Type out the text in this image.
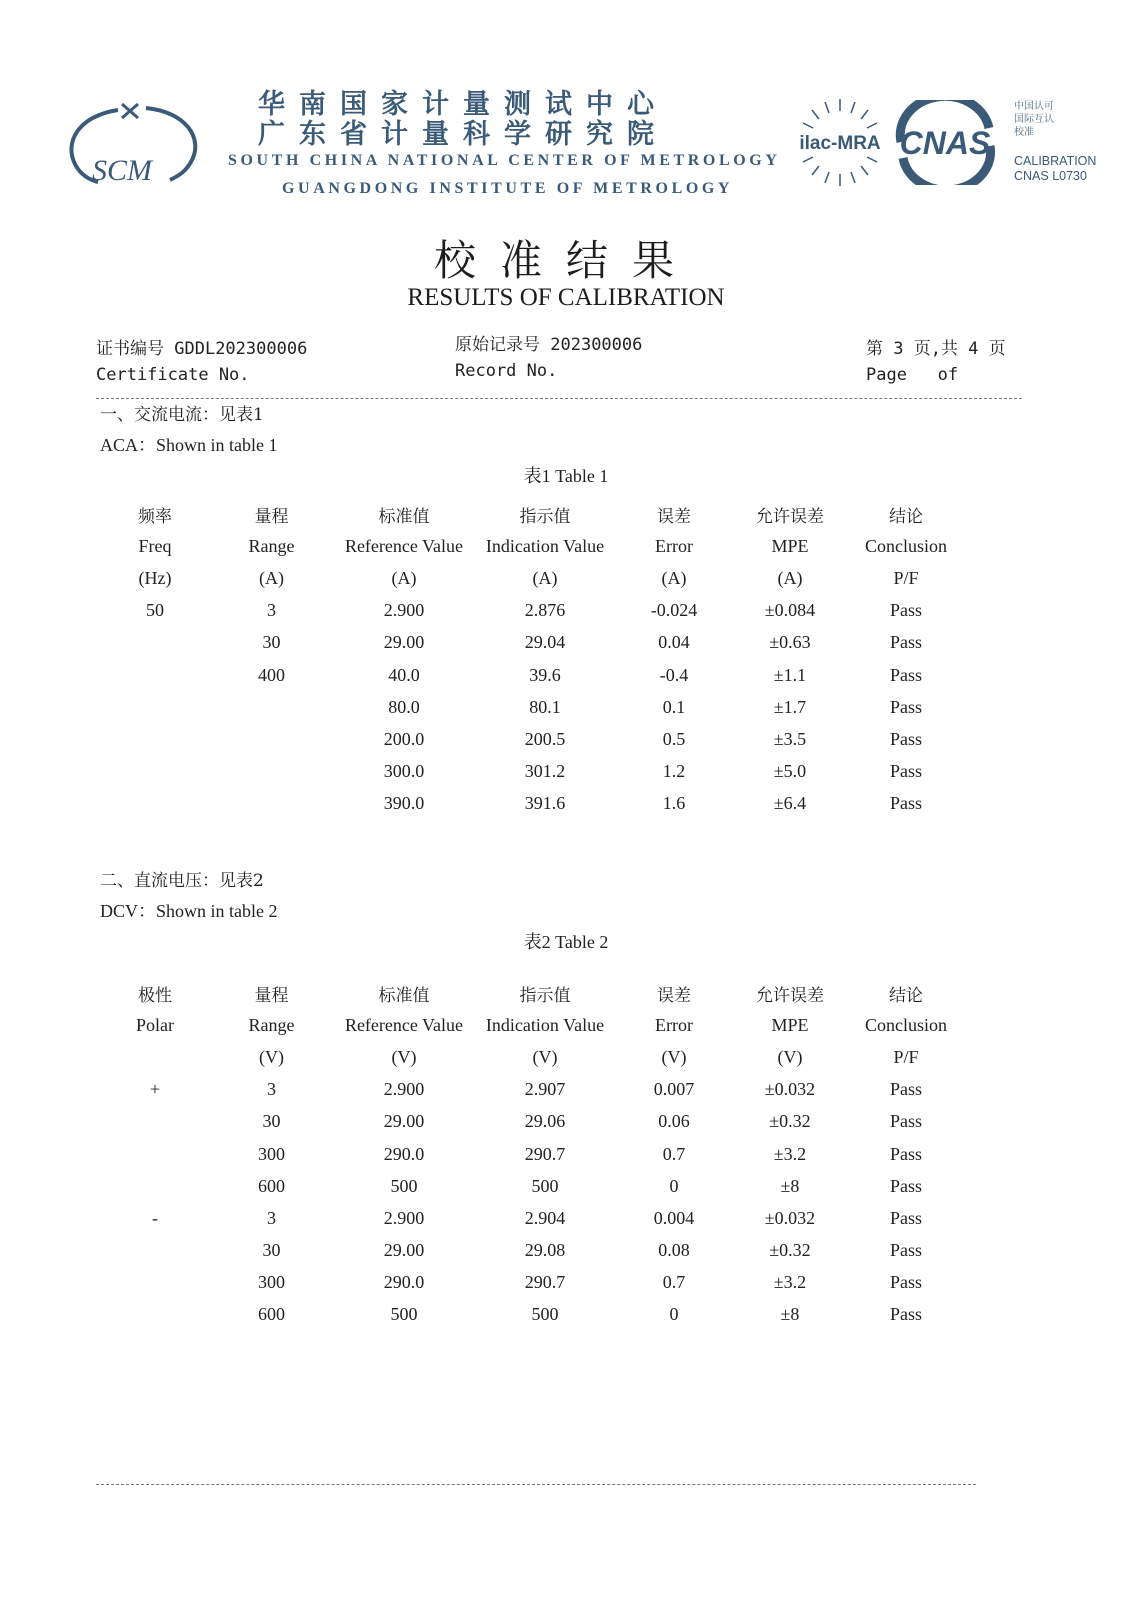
SCM
华南国家计量测试中心
广东省计量科学研究院
SOUTH CHINA NATIONAL CENTER OF METROLOGY
GUANGDONG INSTITUTE OF METROLOGY
ilac-MRA CNAS
中国认可
国际互认
校准
CALIBRATION
CNAS L0730
校准结果
RESULTS OF CALIBRATION
证书编号 GDDL202300006
Certificate No.
原始记录号 202300006
Record No.
第 3 页,共 4 页
Page   of
一、交流电流：见表1
ACA：Shown in table 1
表1 Table 1
频率	量程	标准值	指示值	误差	允许误差	结论
Freq	Range	Reference Value	Indication Value	Error	MPE	Conclusion
(Hz)	(A)	(A)	(A)	(A)	(A)	P/F
50	3	2.900	2.876	-0.024	±0.084	Pass
	30	29.00	29.04	0.04	±0.63	Pass
	400	40.0	39.6	-0.4	±1.1	Pass
		80.0	80.1	0.1	±1.7	Pass
		200.0	200.5	0.5	±3.5	Pass
		300.0	301.2	1.2	±5.0	Pass
		390.0	391.6	1.6	±6.4	Pass
二、直流电压：见表2
DCV：Shown in table 2
表2 Table 2
极性	量程	标准值	指示值	误差	允许误差	结论
Polar	Range	Reference Value	Indication Value	Error	MPE	Conclusion
	(V)	(V)	(V)	(V)	(V)	P/F
+	3	2.900	2.907	0.007	±0.032	Pass
	30	29.00	29.06	0.06	±0.32	Pass
	300	290.0	290.7	0.7	±3.2	Pass
	600	500	500	0	±8	Pass
-	3	2.900	2.904	0.004	±0.032	Pass
	30	29.00	29.08	0.08	±0.32	Pass
	300	290.0	290.7	0.7	±3.2	Pass
	600	500	500	0	±8	Pass
